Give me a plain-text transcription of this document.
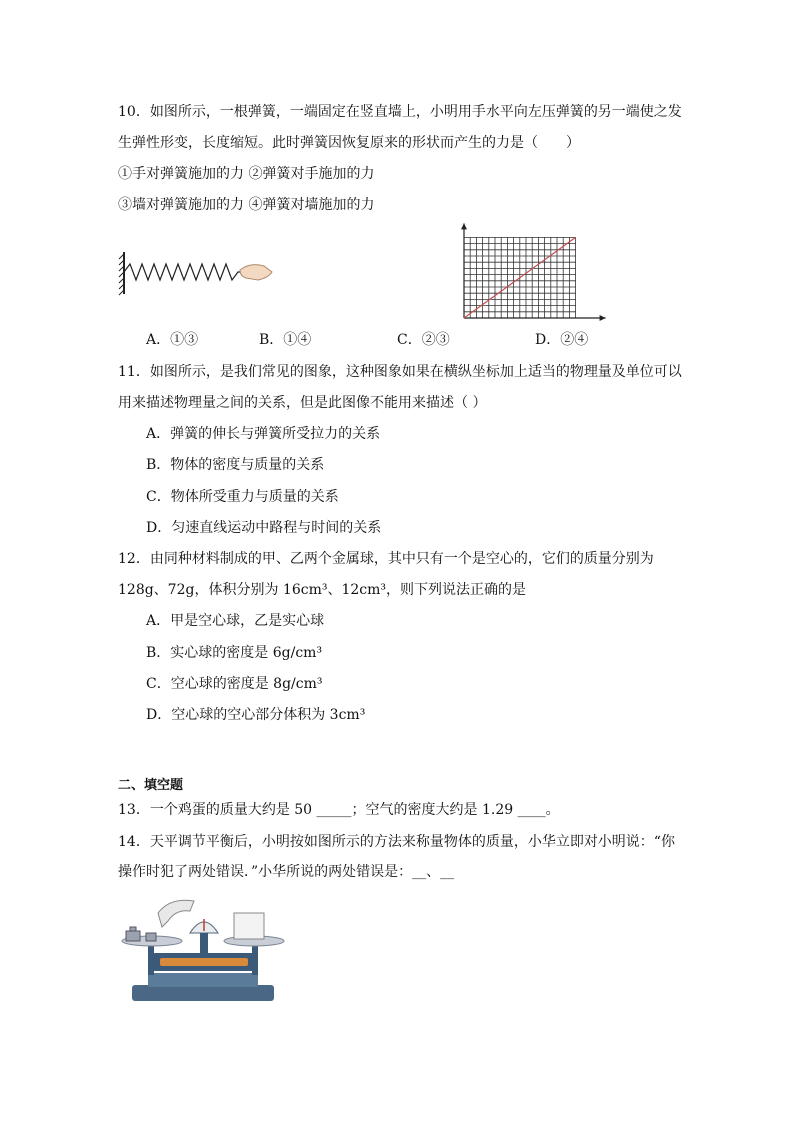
10．如图所示，一根弹簧，一端固定在竖直墙上，小明用手水平向左压弹簧的另一端使之发
生弹性形变，长度缩短。此时弹簧因恢复原来的形状而产生的力是（　　）
①手对弹簧施加的力 ②弹簧对手施加的力
③墙对弹簧施加的力 ④弹簧对墙施加的力
A．①③	B．①④	C．②③	D．②④
11．如图所示，是我们常见的图象，这种图象如果在横纵坐标加上适当的物理量及单位可以
用来描述物理量之间的关系，但是此图像不能用来描述（ ）
A．弹簧的伸长与弹簧所受拉力的关系
B．物体的密度与质量的关系
C．物体所受重力与质量的关系
D．匀速直线运动中路程与时间的关系
12．由同种材料制成的甲、乙两个金属球，其中只有一个是空心的，它们的质量分别为
128g、72g，体积分别为 16cm³、12cm³，则下列说法正确的是
A．甲是空心球，乙是实心球
B．实心球的密度是 6g/cm³
C．空心球的密度是 8g/cm³
D．空心球的空心部分体积为 3cm³
二、填空题
13．一个鸡蛋的质量大约是 50 _____；空气的密度大约是 1.29 ____。
14．天平调节平衡后，小明按如图所示的方法来称量物体的质量，小华立即对小明说：“你
操作时犯了两处错误．”小华所说的两处错误是：__、__
